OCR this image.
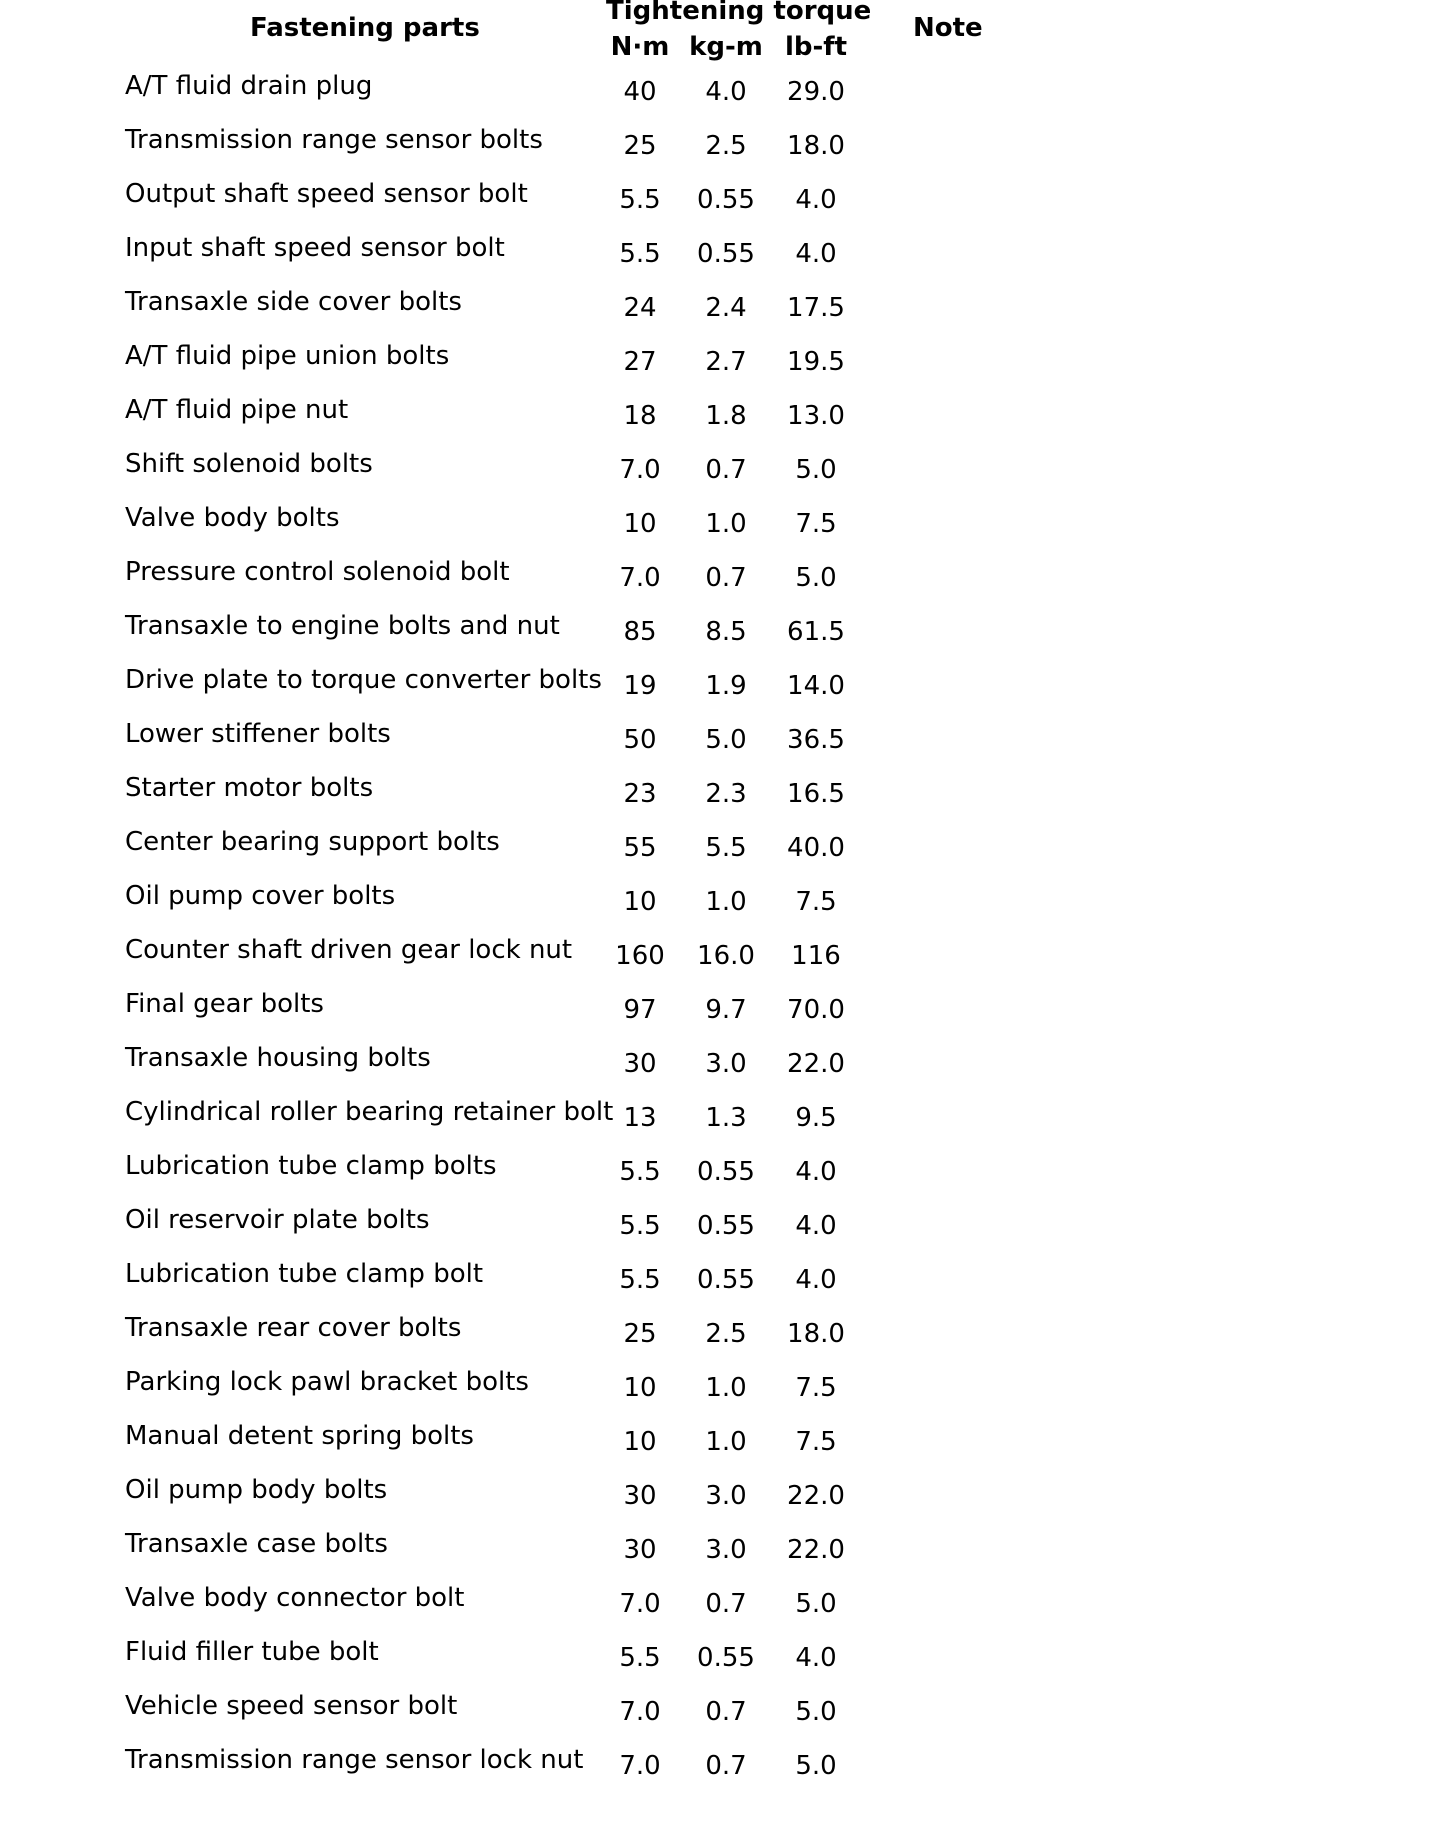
Fastening parts
Tightening torque
Note
N·m kg-m lb-ft
A/T fluid drain plug	40	4.0	29.0
Transmission range sensor bolts	25	2.5	18.0
Output shaft speed sensor bolt	5.5	0.55	4.0
Input shaft speed sensor bolt	5.5	0.55	4.0
Transaxle side cover bolts	24	2.4	17.5
A/T fluid pipe union bolts	27	2.7	19.5
A/T fluid pipe nut	18	1.8	13.0
Shift solenoid bolts	7.0	0.7	5.0
Valve body bolts	10	1.0	7.5
Pressure control solenoid bolt	7.0	0.7	5.0
Transaxle to engine bolts and nut	85	8.5	61.5
Drive plate to torque converter bolts 19	1.9	14.0
Lower stiffener bolts	50	5.0	36.5
Starter motor bolts	23	2.3	16.5
Center bearing support bolts	55	5.5	40.0
Oil pump cover bolts	10	1.0	7.5
Counter shaft driven gear lock nut	160	16.0	116
Final gear bolts	97	9.7	70.0
Transaxle housing bolts	30	3.0	22.0
Cylindrical roller bearing retainer bolt 13	1.3	9.5
Lubrication tube clamp bolts	5.5	0.55	4.0
Oil reservoir plate bolts	5.5	0.55	4.0
Lubrication tube clamp bolt	5.5	0.55	4.0
Transaxle rear cover bolts	25	2.5	18.0
Parking lock pawl bracket bolts	10	1.0	7.5
Manual detent spring bolts	10	1.0	7.5
Oil pump body bolts	30	3.0	22.0
Transaxle case bolts	30	3.0	22.0
Valve body connector bolt	7.0	0.7	5.0
Fluid filler tube bolt	5.5	0.55	4.0
Vehicle speed sensor bolt	7.0	0.7	5.0
Transmission range sensor lock nut	7.0	0.7	5.0
